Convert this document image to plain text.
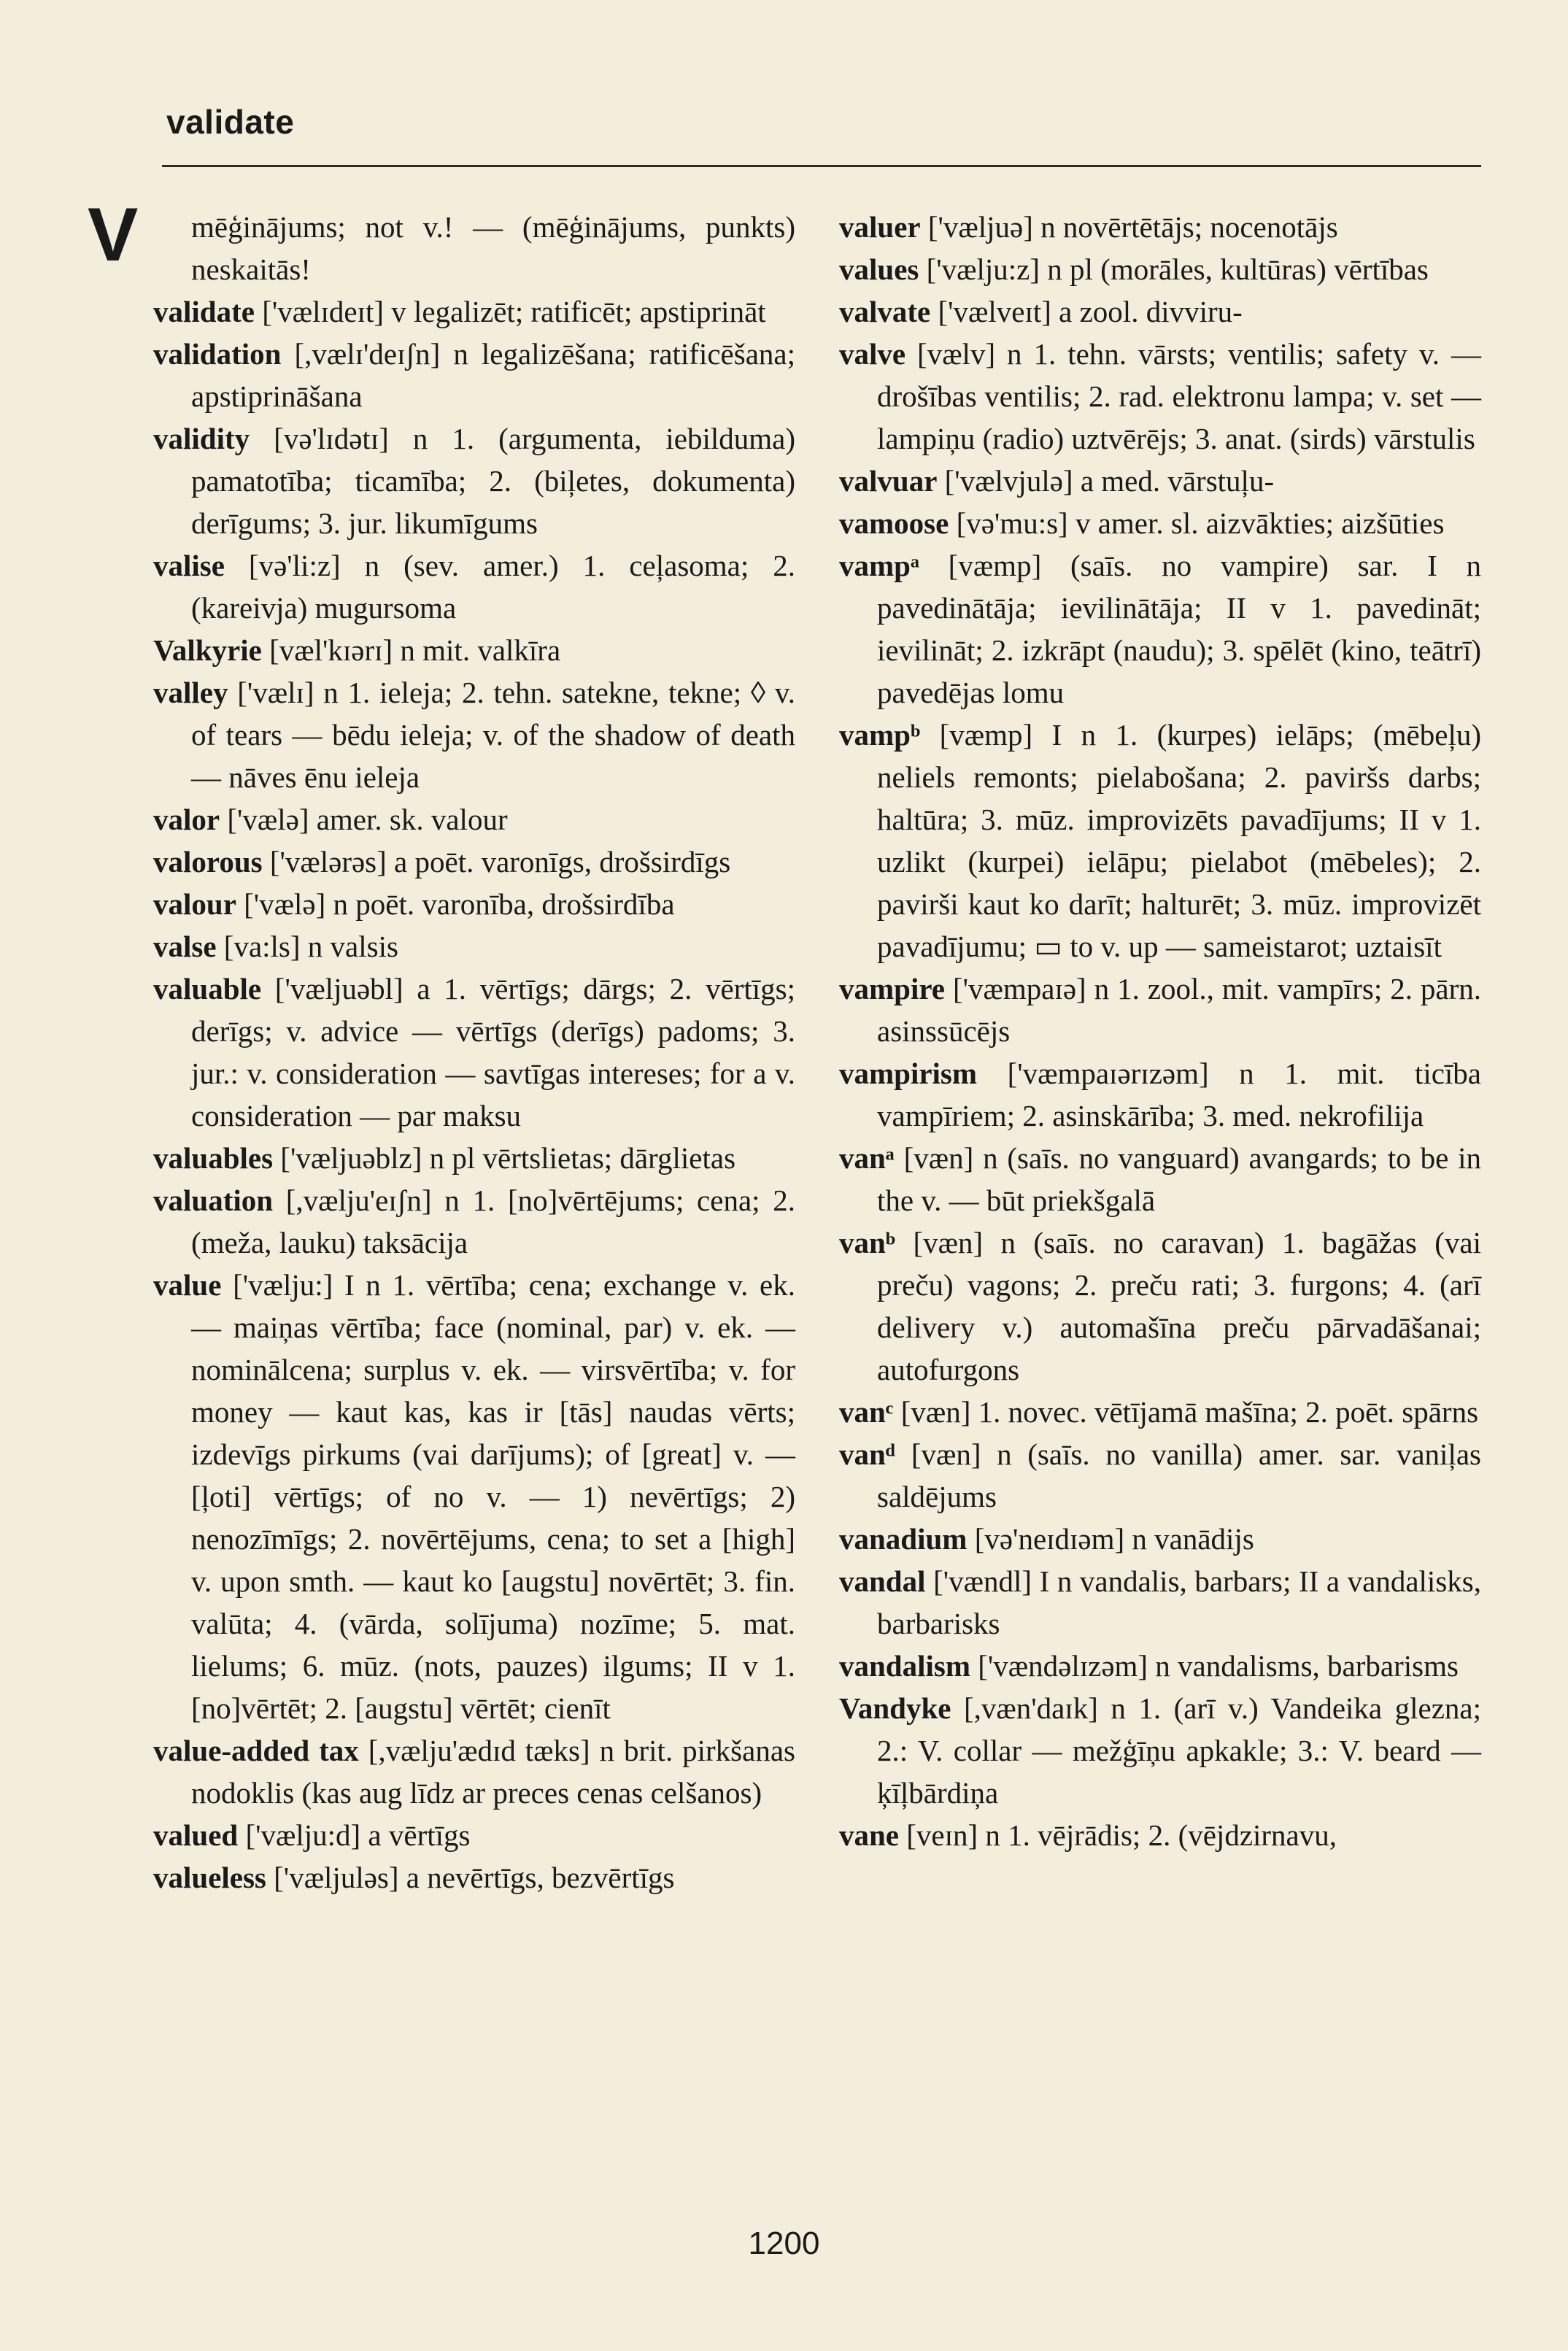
validate
V	mēģinājums; not v.! — (mēģinājums, punkts) neskaitās!

validate ['vælɪdeɪt] v legalizēt; ratificēt; apstiprināt

validation [,vælɪ'deɪʃn] n legalizēšana; ratificēšana; apstiprināšana

validity [və'lɪdətɪ] n 1. (argumenta, iebilduma) pamatotība; ticamība; 2. (biļetes, dokumenta) derīgums; 3. jur. likumīgums

valise [və'li:z] n (sev. amer.) 1. ceļasoma; 2. (kareivja) mugursoma

Valkyrie [væl'kɪərɪ] n mit. valkīra

valley ['vælɪ] n 1. ieleja; 2. tehn. satekne, tekne; ◊ v. of tears — bēdu ieleja; v. of the shadow of death — nāves ēnu ieleja

valor ['vælə] amer. sk. valour

valorous ['vælərəs] a poēt. varonīgs, drošsirdīgs

valour ['vælə] n poēt. varonība, drošsirdība

valse [va:ls] n valsis

valuable ['væljuəbl] a 1. vērtīgs; dārgs; 2. vērtīgs; derīgs; v. advice — vērtīgs (derīgs) padoms; 3. jur.: v. consideration — savtīgas intereses; for a v. consideration — par maksu

valuables ['væljuəblz] n pl vērtslietas; dārglietas

valuation [,vælju'eɪʃn] n 1. [no]vērtējums; cena; 2. (meža, lauku) taksācija

value ['vælju:] I n 1. vērtība; cena; exchange v. ek. — maiņas vērtība; face (nominal, par) v. ek. — nominālcena; surplus v. ek. — virsvērtība; v. for money — kaut kas, kas ir [tās] naudas vērts; izdevīgs pirkums (vai darījums); of [great] v. — [ļoti] vērtīgs; of no v. — 1) nevērtīgs; 2) nenozīmīgs; 2. novērtējums, cena; to set a [high] v. upon smth. — kaut ko [augstu] novērtēt; 3. fin. valūta; 4. (vārda, solījuma) nozīme; 5. mat. lielums; 6. mūz. (nots, pauzes) ilgums; II v 1. [no]vērtēt; 2. [augstu] vērtēt; cienīt

value-added tax [,vælju'ædɪd tæks] n brit. pirkšanas nodoklis (kas aug līdz ar preces cenas celšanos)

valued ['vælju:d] a vērtīgs

valueless ['væljuləs] a nevērtīgs, bezvērtīgs

valuer ['væljuə] n novērtētājs; nocenotājs

values ['vælju:z] n pl (morāles, kultūras) vērtības

valvate ['vælveɪt] a zool. divviru-

valve [vælv] n 1. tehn. vārsts; ventilis; safety v. — drošības ventilis; 2. rad. elektronu lampa; v. set — lampiņu (radio) uztvērējs; 3. anat. (sirds) vārstulis

valvuar ['vælvjulə] a med. vārstuļu-

vamoose [və'mu:s] v amer. sl. aizvākties; aizšūties

vampᵃ [væmp] (saīs. no vampire) sar. I n pavedinātāja; ievilinātāja; II v 1. pavedināt; ievilināt; 2. izkrāpt (naudu); 3. spēlēt (kino, teātrī) pavedējas lomu

vampᵇ [væmp] I n 1. (kurpes) ielāps; (mēbeļu) neliels remonts; pielabošana; 2. paviršs darbs; haltūra; 3. mūz. improvizēts pavadījums; II v 1. uzlikt (kurpei) ielāpu; pielabot (mēbeles); 2. pavirši kaut ko darīt; halturēt; 3. mūz. improvizēt pavadījumu; ▭ to v. up — sameistarot; uztaisīt

vampire ['væmpaɪə] n 1. zool., mit. vampīrs; 2. pārn. asinssūcējs

vampirism ['væmpaɪərɪzəm] n 1. mit. ticība vampīriem; 2. asinskārība; 3. med. nekrofilija

vanᵃ [væn] n (saīs. no vanguard) avangards; to be in the v. — būt priekšgalā

vanᵇ [væn] n (saīs. no caravan) 1. bagāžas (vai preču) vagons; 2. preču rati; 3. furgons; 4. (arī delivery v.) automašīna preču pārvadāšanai; autofurgons

vanᶜ [væn] 1. novec. vētījamā mašīna; 2. poēt. spārns

vanᵈ [væn] n (saīs. no vanilla) amer. sar. vaniļas saldējums

vanadium [və'neɪdɪəm] n vanādijs

vandal ['vændl] I n vandalis, barbars; II a vandalisks, barbarisks

vandalism ['vændəlɪzəm] n vandalisms, barbarisms

Vandyke [,væn'daɪk] n 1. (arī v.) Vandeika glezna; 2.: V. collar — mežģīņu apkakle; 3.: V. beard — ķīļbārdiņa

vane [veɪn] n 1. vējrādis; 2. (vējdzirnavu,

1200
